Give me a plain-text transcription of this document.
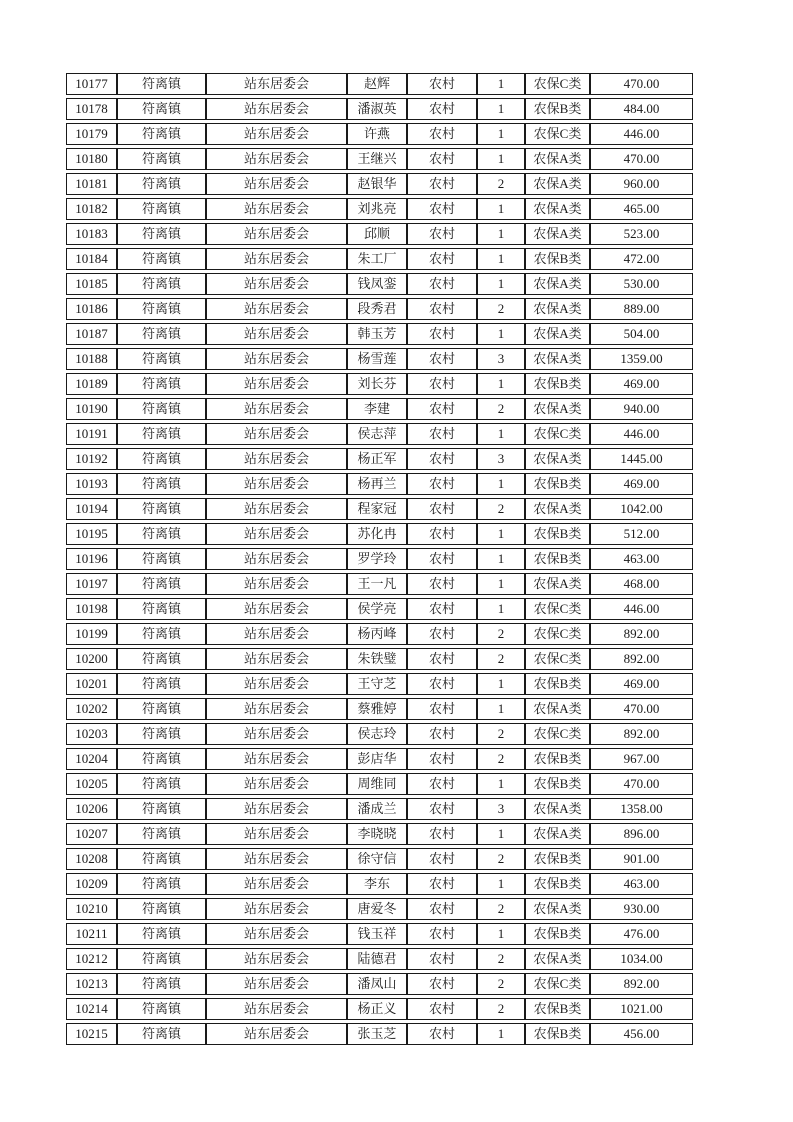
10177	符离镇	站东居委会	赵辉	农村	1	农保C类	470.00
10178	符离镇	站东居委会	潘淑英	农村	1	农保B类	484.00
10179	符离镇	站东居委会	许燕	农村	1	农保C类	446.00
10180	符离镇	站东居委会	王继兴	农村	1	农保A类	470.00
10181	符离镇	站东居委会	赵银华	农村	2	农保A类	960.00
10182	符离镇	站东居委会	刘兆亮	农村	1	农保A类	465.00
10183	符离镇	站东居委会	邱顺	农村	1	农保A类	523.00
10184	符离镇	站东居委会	朱工厂	农村	1	农保B类	472.00
10185	符离镇	站东居委会	钱凤銮	农村	1	农保A类	530.00
10186	符离镇	站东居委会	段秀君	农村	2	农保A类	889.00
10187	符离镇	站东居委会	韩玉芳	农村	1	农保A类	504.00
10188	符离镇	站东居委会	杨雪莲	农村	3	农保A类	1359.00
10189	符离镇	站东居委会	刘长芬	农村	1	农保B类	469.00
10190	符离镇	站东居委会	李建	农村	2	农保A类	940.00
10191	符离镇	站东居委会	侯志萍	农村	1	农保C类	446.00
10192	符离镇	站东居委会	杨正军	农村	3	农保A类	1445.00
10193	符离镇	站东居委会	杨再兰	农村	1	农保B类	469.00
10194	符离镇	站东居委会	程家冠	农村	2	农保A类	1042.00
10195	符离镇	站东居委会	苏化冉	农村	1	农保B类	512.00
10196	符离镇	站东居委会	罗学玲	农村	1	农保B类	463.00
10197	符离镇	站东居委会	王一凡	农村	1	农保A类	468.00
10198	符离镇	站东居委会	侯学亮	农村	1	农保C类	446.00
10199	符离镇	站东居委会	杨丙峰	农村	2	农保C类	892.00
10200	符离镇	站东居委会	朱铁璧	农村	2	农保C类	892.00
10201	符离镇	站东居委会	王守芝	农村	1	农保B类	469.00
10202	符离镇	站东居委会	蔡雅婷	农村	1	农保A类	470.00
10203	符离镇	站东居委会	侯志玲	农村	2	农保C类	892.00
10204	符离镇	站东居委会	彭店华	农村	2	农保B类	967.00
10205	符离镇	站东居委会	周维同	农村	1	农保B类	470.00
10206	符离镇	站东居委会	潘成兰	农村	3	农保A类	1358.00
10207	符离镇	站东居委会	李晓晓	农村	1	农保A类	896.00
10208	符离镇	站东居委会	徐守信	农村	2	农保B类	901.00
10209	符离镇	站东居委会	李东	农村	1	农保B类	463.00
10210	符离镇	站东居委会	唐爱冬	农村	2	农保A类	930.00
10211	符离镇	站东居委会	钱玉祥	农村	1	农保B类	476.00
10212	符离镇	站东居委会	陆德君	农村	2	农保A类	1034.00
10213	符离镇	站东居委会	潘凤山	农村	2	农保C类	892.00
10214	符离镇	站东居委会	杨正义	农村	2	农保B类	1021.00
10215	符离镇	站东居委会	张玉芝	农村	1	农保B类	456.00
